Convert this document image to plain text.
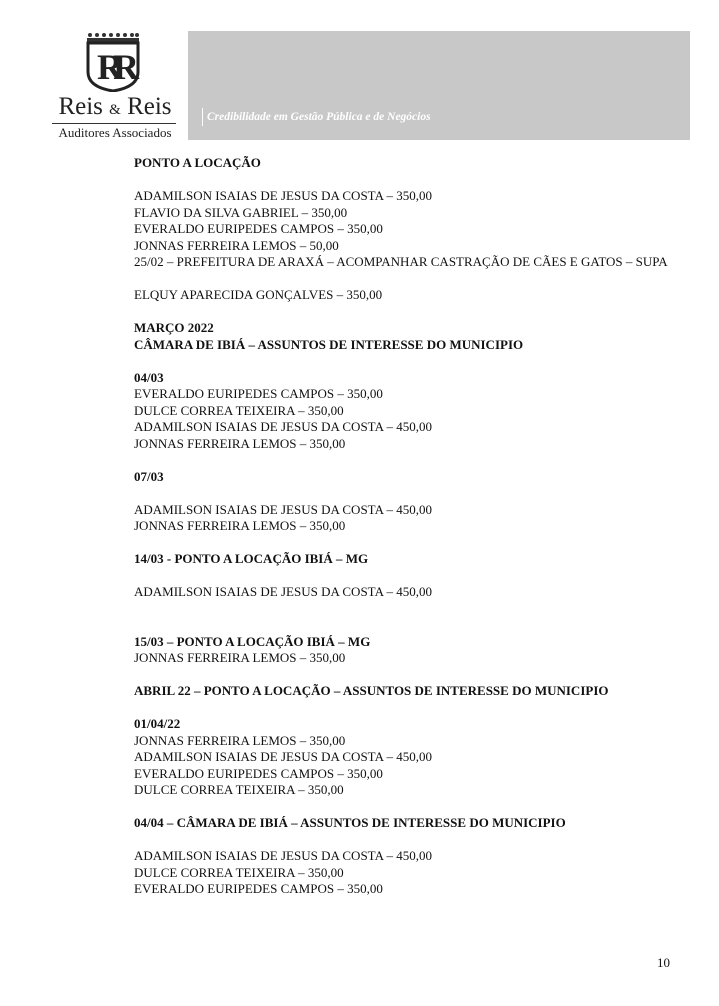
RR
Reis & Reis
Auditores Associados
Credibilidade em Gestão Pública e de Negócios
PONTO A LOCAÇÃO
ADAMILSON ISAIAS DE JESUS DA COSTA – 350,00
FLAVIO DA SILVA GABRIEL – 350,00
EVERALDO EURIPEDES CAMPOS – 350,00
JONNAS FERREIRA LEMOS – 50,00
25/02 – PREFEITURA DE ARAXÁ – ACOMPANHAR CASTRAÇÃO DE CÃES E GATOS – SUPA
ELQUY APARECIDA GONÇALVES – 350,00
MARÇO 2022
CÂMARA DE IBIÁ – ASSUNTOS DE INTERESSE DO MUNICIPIO
04/03
EVERALDO EURIPEDES CAMPOS – 350,00
DULCE CORREA TEIXEIRA – 350,00
ADAMILSON ISAIAS DE JESUS DA COSTA – 450,00
JONNAS FERREIRA LEMOS – 350,00
07/03
ADAMILSON ISAIAS DE JESUS DA COSTA – 450,00
JONNAS FERREIRA LEMOS – 350,00
14/03 - PONTO A LOCAÇÃO IBIÁ – MG
ADAMILSON ISAIAS DE JESUS DA COSTA – 450,00
15/03 – PONTO A LOCAÇÃO IBIÁ – MG
JONNAS FERREIRA LEMOS – 350,00
ABRIL 22 – PONTO A LOCAÇÃO – ASSUNTOS DE INTERESSE DO MUNICIPIO
01/04/22
JONNAS FERREIRA LEMOS – 350,00
ADAMILSON ISAIAS DE JESUS DA COSTA – 450,00
EVERALDO EURIPEDES CAMPOS – 350,00
DULCE CORREA TEIXEIRA – 350,00
04/04 – CÂMARA DE IBIÁ – ASSUNTOS DE INTERESSE DO MUNICIPIO
ADAMILSON ISAIAS DE JESUS DA COSTA – 450,00
DULCE CORREA TEIXEIRA – 350,00
EVERALDO EURIPEDES CAMPOS – 350,00
10
